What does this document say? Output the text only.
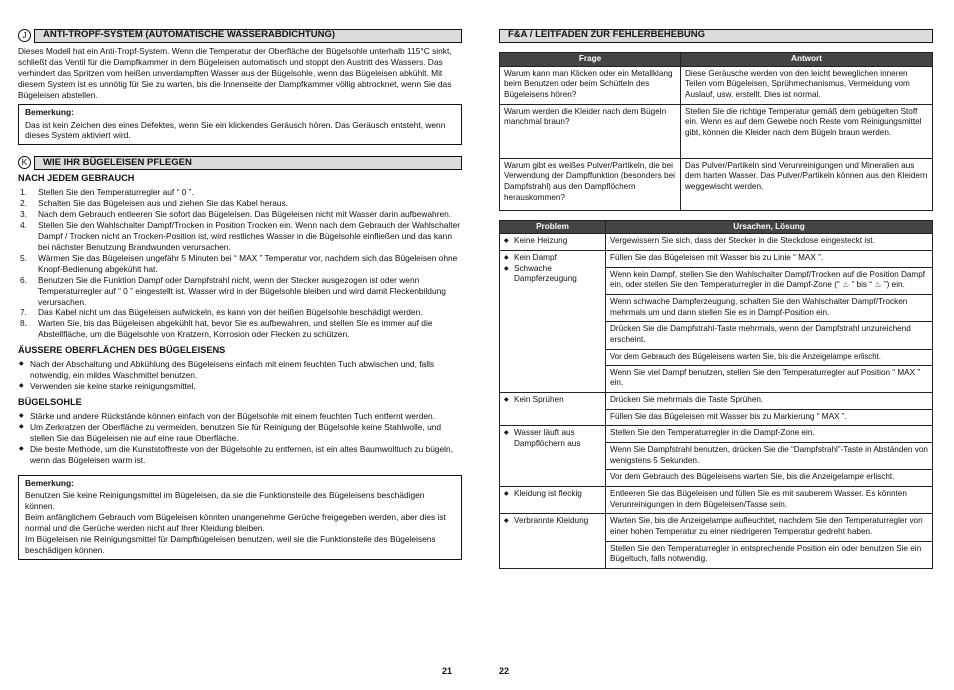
J	ANTI-TROPF-SYSTEM (AUTOMATISCHE WASSERABDICHTUNG)

Dieses Modell hat ein Anti-Tropf-System. Wenn die Temperatur der Oberfläche der Bügelsohle unterhalb 115°C sinkt, schließt das Ventil für die Dampfkammer in dem Bügeleisen automatisch und stoppt den Austritt des Wassers. Das verhindert das Spritzen vom heißen unverdampften Wasser aus der Bügelsohle, wenn das Bügeleisen abkühlt. Mit diesem System ist es unnötig für Sie zu warten, bis die Innenseite der Dampfkammer völlig abtrocknet, wenn Sie das Bügeleisen abstellen.

Bemerkung:
Das ist kein Zeichen des eines Defektes, wenn Sie ein klickendes Geräusch hören. Das Geräusch entsteht, wenn dieses System aktiviert wird.
K	WIE IHR BÜGELEISEN PFLEGEN
NACH JEDEM GEBRAUCH
1. Stellen Sie den Temperaturregler auf “ 0 ”.
2. Schalten Sie das Bügeleisen aus und ziehen Sie das Kabel heraus.
3. Nach dem Gebrauch entleeren Sie sofort das Bügeleisen. Das Bügeleisen nicht mit Wasser darin aufbewahren.
4. Stellen Sie den Wahlschalter Dampf/Trocken in Position Trocken ein. Wenn nach dem Gebrauch der Wahlschalter Dampf / Trocken nicht an Trocken-Position ist, wird restliches Wasser in die Bügelsohle einfließen und das kann bei nächster Benutzung Brandwunden verursachen.
5. Wärmen Sie das Bügeleisen ungefähr 5 Minuten bei “ MAX ” Temperatur vor, nachdem sich das Bügeleisen ohne Knopf-Bedienung abgekühlt hat.
6. Benutzen Sie die Funktion Dampf oder Dampfstrahl nicht, wenn der Stecker ausgezogen ist oder wenn Temperaturregler auf “ 0 ” eingestellt ist. Wasser wird in der Bügelsohle bleiben und wird damit Fleckenbildung verursachen.
7. Das Kabel nicht um das Bügeleisen aufwickeln, es kann von der heißen Bügelsohle beschädigt werden.
8. Warten Sie, bis das Bügeleisen abgekühlt hat, bevor Sie es aufbewahren, und stellen Sie es immer auf die Abstellfläche, um die Bügelsohle von Kratzern, Korrosion oder Flecken zu schützen.
ÄUSSERE OBERFLÄCHEN DES BÜGELEISENS
◆ Nach der Abschaltung und Abkühlung des Bügeleisens einfach mit einem feuchten Tuch abwischen und, falls notwendig, ein mildes Waschmittel benutzen.
◆ Verwenden sie keine starke reinigungsmittel.
BÜGELSOHLE
◆ Stärke und andere Rückstände können einfach von der Bügelsohle mit einem feuchten Tuch entfernt werden.
◆ Um Zerkratzen der Oberfläche zu vermeiden, benutzen Sie für Reinigung der Bügelsohle keine Stahlwolle, und stellen Sie das Bügeleisen nie auf eine raue Oberfläche.
◆ Die beste Methode, um die Kunststoffreste von der Bügelsohle zu entfernen, ist ein altes Baumwolltuch zu bügeln, wenn das Bügeleisen warm ist.
Bemerkung:
Benutzen Sie keine Reinigungsmittel im Bügeleisen, da sie die Funktionsteile des Bügeleisens beschädigen können.
Beim anfänglichem Gebrauch vom Bügeleisen könnten unangenehme Gerüche freigegeben werden, aber dies ist normal und die Gerüche werden nicht auf Ihrer Kleidung bleiben.
Im Bügeleisen nie Reinigungsmittel für Dampfbügeleisen benutzen, weil sie die Funktionsteile des Bügeleisens beschädigen können.
21
F&A / LEITFADEN ZUR FEHLERBEHEBUNG
Frage	Antwort
Warum kann man Klicken oder ein Metallklang beim Benutzen oder beim Schütteln des Bügeleisens hören?	Diese Geräusche werden von den leicht beweglichen inneren Teilen vom Bügeleisen, Sprühmechanismus, Vermeidung vom Auslauf, usw. erstellt. Dies ist normal.
Warum werden die Kleider nach dem Bügeln manchmal braun?	Stellen Sie die richtige Temperatur gemäß dem gebügelten Stoff ein. Wenn es auf dem Gewebe noch Reste vom Reinigungsmittel gibt, können die Kleider nach dem Bügeln braun werden.
Warum gibt es weißes Pulver/Partikeln, die bei Verwendung der Dampffunktion (besonders bei Dampfstrahl) aus den Dampflöchern herauskommen?	Das Pulver/Partikeln sind Verunreinigungen und Mineralien aus dem harten Wasser. Das Pulver/Partikeln können aus den Kleidern weggewischt werden.
Problem	Ursachen, Lösung

◆ Keine Heizung	Vergewissern Sie sich, dass der Stecker in die Steckdose eingesteckt ist.

◆ Kein Dampf
◆ Schwache Dampferzeugung	Füllen Sie das Bügeleisen mit Wasser bis zu Linie “ MAX ”.
	Wenn kein Dampf, stellen Sie den Wahlschalter Dampf/Trocken auf die Position Dampf ein, oder stellen Sie den Temperaturregler in die Dampf-Zone (“ ♨ ” bis “ ♨ ”) ein.
	Wenn schwache Dampferzeugung, schalten Sie den Wahlschalter Dampf/Trocken mehrmals um und dann stellen Sie es in Dampf-Position ein.
	Drücken Sie die Dampfstrahl-Taste mehrmals, wenn der Dampfstrahl unzureichend erscheint.
	Vor dem Gebrauch des Bügeleisens warten Sie, bis die Anzeigelampe erlischt.
	Wenn Sie viel Dampf benutzen, stellen Sie den Temperaturregler auf Position “ MAX ” ein.

◆ Kein Sprühen	Drücken Sie mehrmals die Taste Sprühen.
	Füllen Sie das Bügeleisen mit Wasser bis zu Markierung “ MAX ”.

◆ Wasser läuft aus Dampflöchern aus	Stellen Sie den Temperaturregler in die Dampf-Zone ein.
	Wenn Sie Dampfstrahl benutzen, drücken Sie die “Dampfstrahl”-Taste in Abständen von wenigstens 5 Sekunden.
	Vor dem Gebrauch des Bügeleisens warten Sie, bis die Anzeigelampe erlischt.

◆ Kleidung ist fleckig	Entleeren Sie das Bügeleisen und füllen Sie es mit sauberem Wasser. Es könnten Verunreinigungen in dem Bügeleisen/Tasse sein.

◆ Verbrannte Kleidung	Warten Sie, bis die Anzeigelampe aufleuchtet, nachdem Sie den Temperaturregler von einer hohen Temperatur zu einer niedrigeren Temperatur gedreht haben.
	Stellen Sie den Temperaturregler in entsprechende Position ein oder benutzen Sie ein Bügeltuch, falls notwendig.
22
